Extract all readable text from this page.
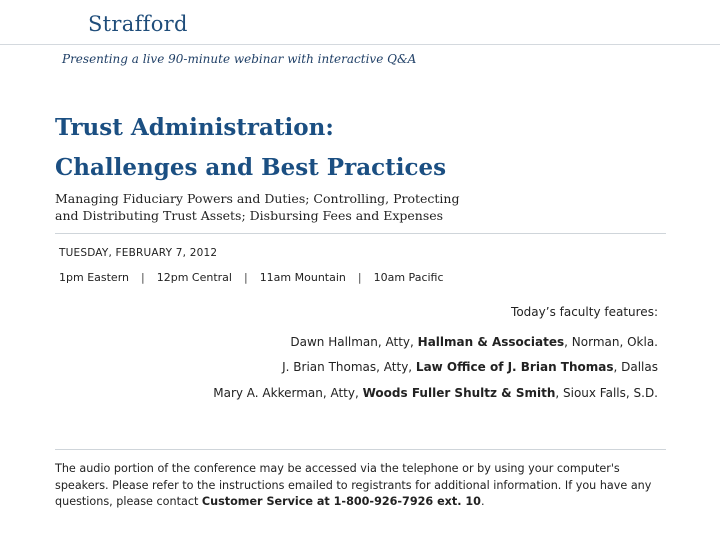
Strafford
Presenting a live 90-minute webinar with interactive Q&A
Trust Administration:
Challenges and Best Practices
Managing Fiduciary Powers and Duties; Controlling, Protecting and Distributing Trust Assets; Disbursing Fees and Expenses
TUESDAY, FEBRUARY 7, 2012
1pm Eastern	|	12pm Central	|	11am Mountain	|	10am Pacific
Today’s faculty features:
Dawn Hallman, Atty, Hallman & Associates, Norman, Okla.
J. Brian Thomas, Atty, Law Office of J. Brian Thomas, Dallas
Mary A. Akkerman, Atty, Woods Fuller Shultz & Smith, Sioux Falls, S.D.
The audio portion of the conference may be accessed via the telephone or by using your computer's speakers. Please refer to the instructions emailed to registrants for additional information. If you have any questions, please contact Customer Service at 1-800-926-7926 ext. 10.
